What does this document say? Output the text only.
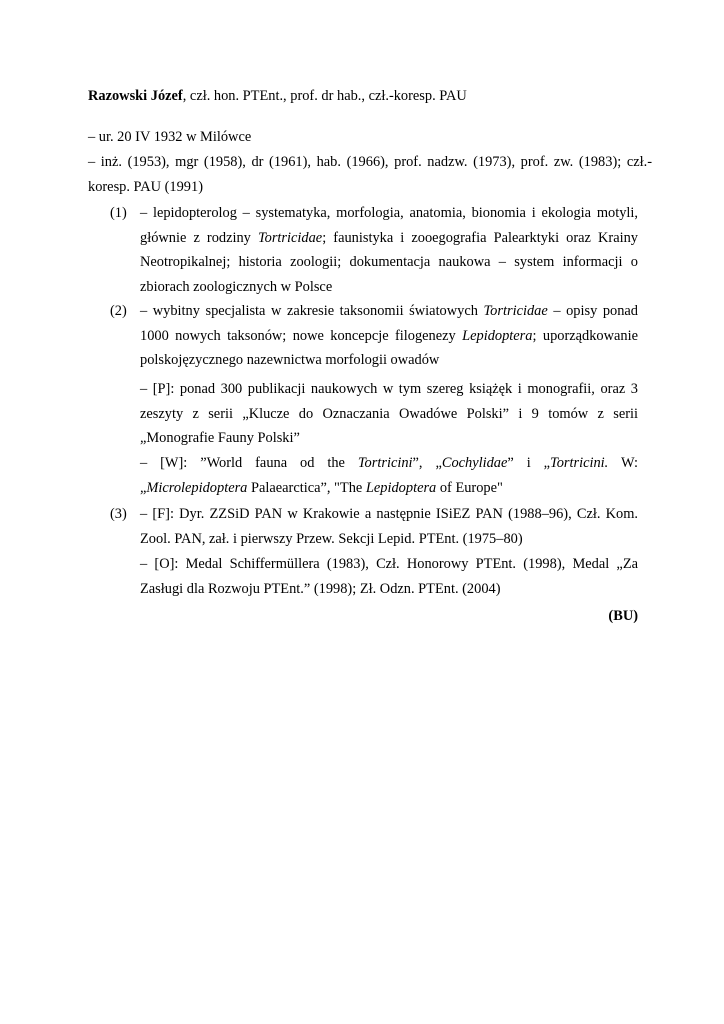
Razowski Józef, czł. hon. PTEnt., prof. dr hab., czł.-koresp. PAU
– ur. 20 IV 1932 w Milówce
– inż. (1953), mgr (1958), dr (1961), hab. (1966), prof. nadzw. (1973), prof. zw. (1983); czł.-
koresp. PAU (1991)
(1) – lepidopterolog – systematyka, morfologia, anatomia, bionomia i ekologia motyli,
głównie z rodziny Tortricidae; faunistyka i zooegografia Palearktyki oraz Krainy
Neotropikalnej; historia zoologii; dokumentacja naukowa – system informacji o
zbiorach zoologicznych w Polsce
(2) – wybitny specjalista w zakresie taksonomii światowych Tortricidae – opisy ponad
1000 nowych taksonów; nowe koncepcje filogenezy Lepidoptera; uporządkowanie
polskojęzycznego nazewnictwa morfologii owadów
– [P]: ponad 300 publikacji naukowych w tym szereg książęk i monografii, oraz 3
zeszyty z serii „Klucze do Oznaczania Owadówe Polski” i 9 tomów z serii
„Monografie Fauny Polski”
– [W]: ”World fauna od the Tortricini”, „Cochylidae” i „Tortricini. W:
„Microlepidoptera Palaearctica”, "The Lepidoptera of Europe"
(3) – [F]: Dyr. ZZSiD PAN w Krakowie a następnie ISiEZ PAN (1988–96), Czł. Kom.
Zool. PAN, zał. i pierwszy Przew. Sekcji Lepid. PTEnt. (1975–80)
– [O]: Medal Schiffermüllera (1983), Czł. Honorowy PTEnt. (1998), Medal „Za
Zasługi dla Rozwoju PTEnt.” (1998); Zł. Odzn. PTEnt. (2004)
(BU)
